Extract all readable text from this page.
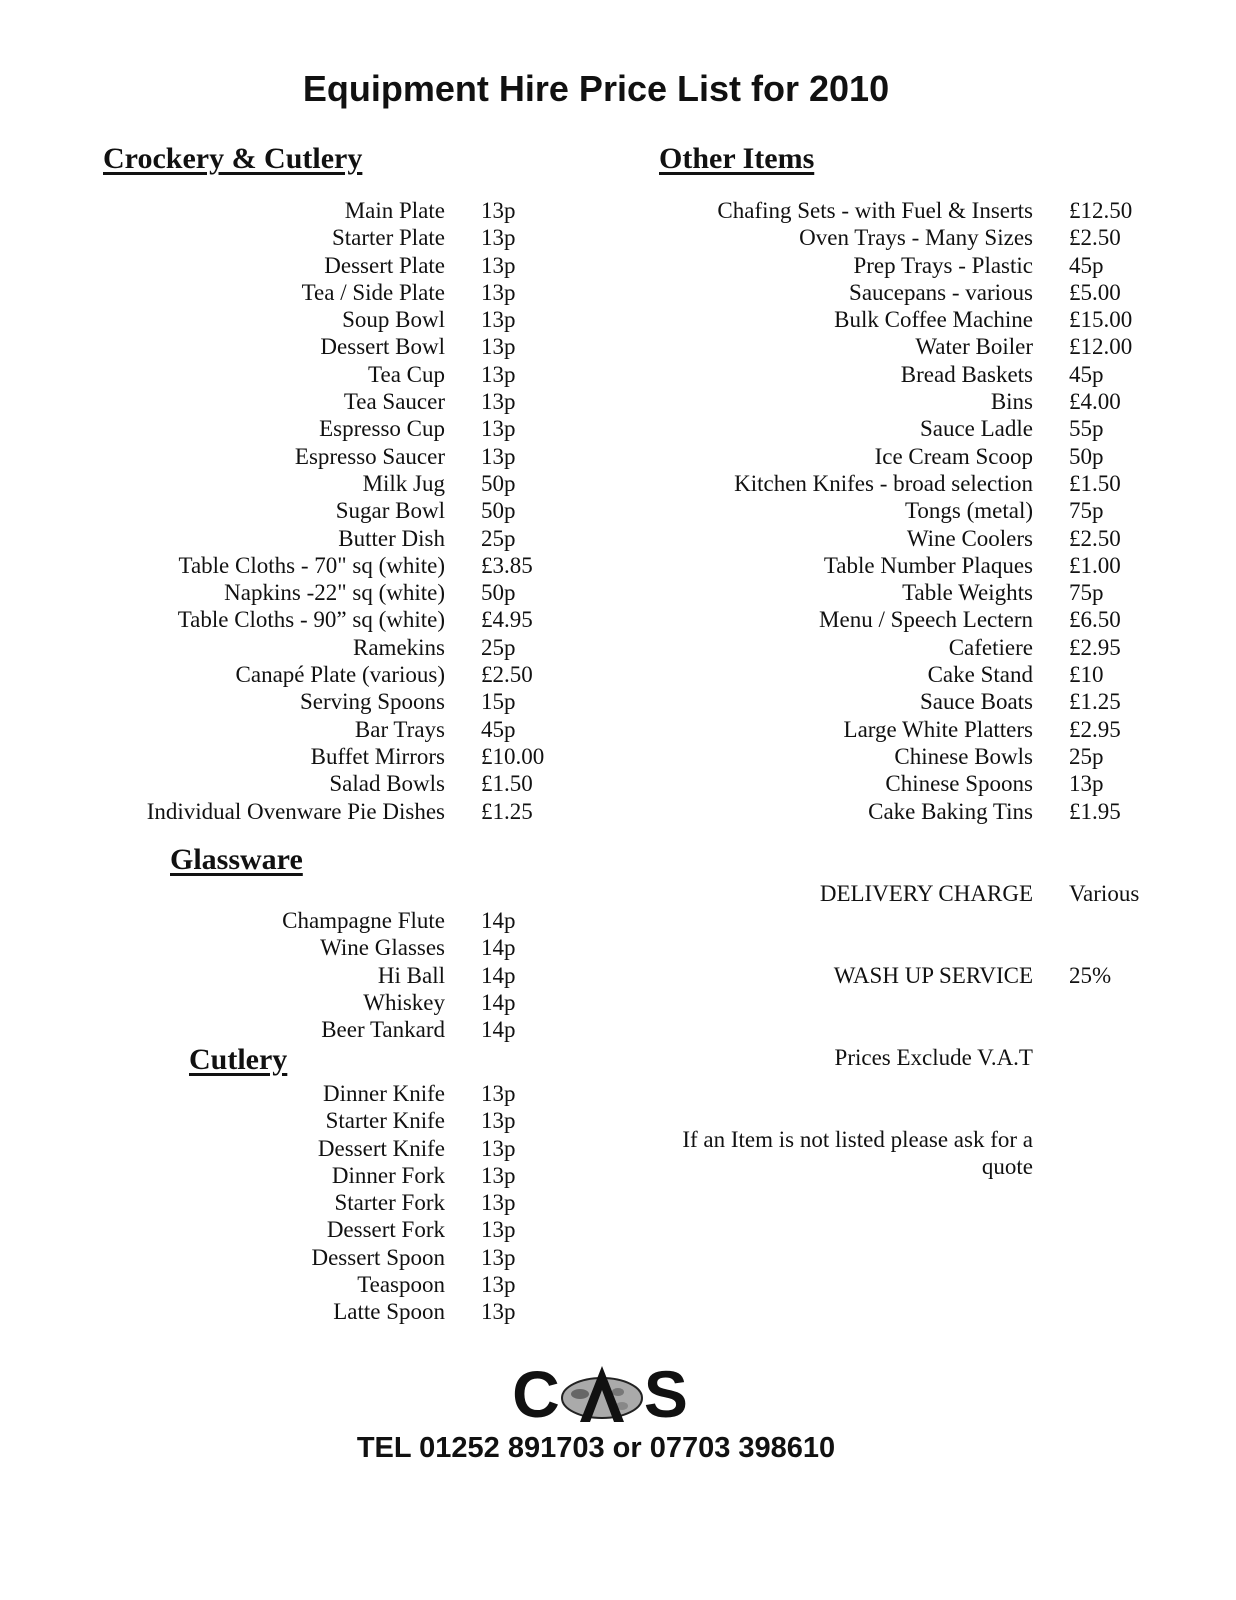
Equipment Hire Price List for 2010
Crockery & Cutlery
Main Plate 13p
Starter Plate 13p
Dessert Plate 13p
Tea / Side Plate 13p
Soup Bowl 13p
Dessert Bowl 13p
Tea Cup 13p
Tea Saucer 13p
Espresso Cup 13p
Espresso Saucer 13p
Milk Jug 50p
Sugar Bowl 50p
Butter Dish 25p
Table Cloths - 70" sq (white) £3.85
Napkins -22" sq (white) 50p
Table Cloths - 90” sq (white) £4.95
Ramekins 25p
Canapé Plate (various) £2.50
Serving Spoons 15p
Bar Trays 45p
Buffet Mirrors £10.00
Salad Bowls £1.50
Individual Ovenware Pie Dishes £1.25
Glassware
Champagne Flute 14p
Wine Glasses 14p
Hi Ball 14p
Whiskey 14p
Beer Tankard 14p
Cutlery
Dinner Knife 13p
Starter Knife 13p
Dessert Knife 13p
Dinner Fork 13p
Starter Fork 13p
Dessert Fork 13p
Dessert Spoon 13p
Teaspoon 13p
Latte Spoon 13p
Other Items
Chafing Sets - with Fuel & Inserts £12.50
Oven Trays - Many Sizes £2.50
Prep Trays - Plastic 45p
Saucepans - various £5.00
Bulk Coffee Machine £15.00
Water Boiler £12.00
Bread Baskets 45p
Bins £4.00
Sauce Ladle 55p
Ice Cream Scoop 50p
Kitchen Knifes - broad selection £1.50
Tongs (metal) 75p
Wine Coolers £2.50
Table Number Plaques £1.00
Table Weights 75p
Menu / Speech Lectern £6.50
Cafetiere £2.95
Cake Stand £10
Sauce Boats £1.25
Large White Platters £2.95
Chinese Bowls 25p
Chinese Spoons 13p
Cake Baking Tins £1.95
DELIVERY CHARGE Various
WASH UP SERVICE 25%
Prices Exclude V.A.T
If an Item is not listed please ask for a
quote
C S
TEL 01252 891703 or 07703 398610
